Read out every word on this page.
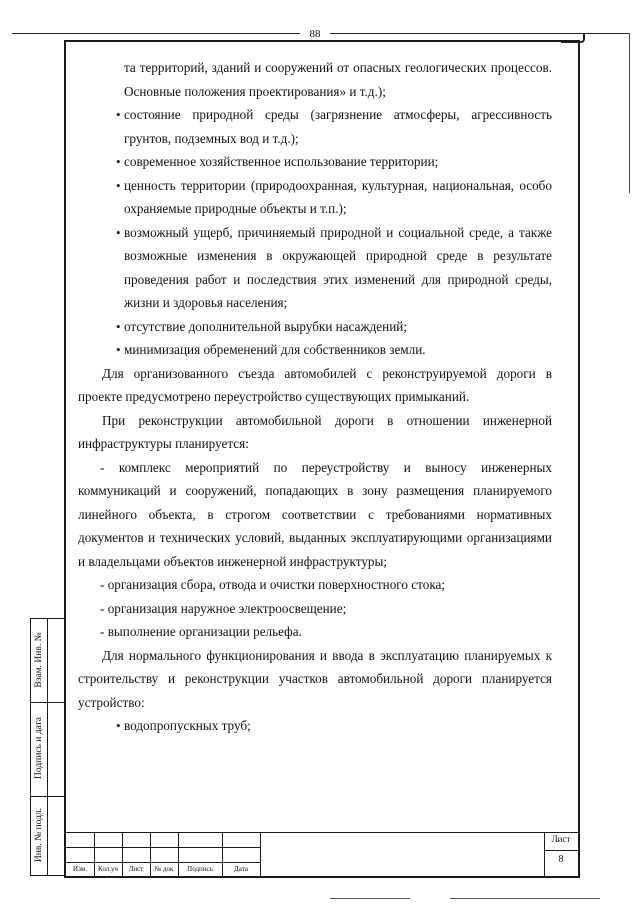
88
Взам. Инв. №
Подпись и дата
Инв. № подл.

та территорий, зданий и сооружений от опасных геологических процессов. Основные положения проектирования» и т.д.);

• состояние природной среды (загрязнение атмосферы, агрессивность грунтов, подземных вод и т.д.);

• современное хозяйственное использование территории;

• ценность территории (природоохранная, культурная, национальная, особо охраняемые природные объекты и т.п.);

• возможный ущерб, причиняемый природной и социальной среде, а также возможные изменения в окружающей природной среде в результате проведения работ и последствия этих изменений для природной среды, жизни и здоровья населения;

• отсутствие дополнительной вырубки насаждений;

• минимизация обременений для собственников земли.

Для организованного съезда автомобилей с реконструируемой дороги в проекте предусмотрено переустройство существующих примыканий.

При реконструкции автомобильной дороги в отношении инженерной инфраструктуры планируется:

- комплекс мероприятий по переустройству и выносу инженерных коммуникаций и сооружений, попадающих в зону размещения планируемого линейного объекта, в строгом соответствии с требованиями нормативных документов и технических условий, выданных эксплуатирующими организациями и владельцами объектов инженерной инфраструктуры;

- организация сбора, отвода и очистки поверхностного стока;

- организация наружное электроосвещение;

- выполнение организации рельефа.

Для нормального функционирования и ввода в эксплуатацию планируемых к строительству и реконструкции участков автомобильной дороги планируется устройство:

• водопропускных труб;

Изм.	Кол.уч	Лист	№ док	Подпись	Дата
Лист
8
